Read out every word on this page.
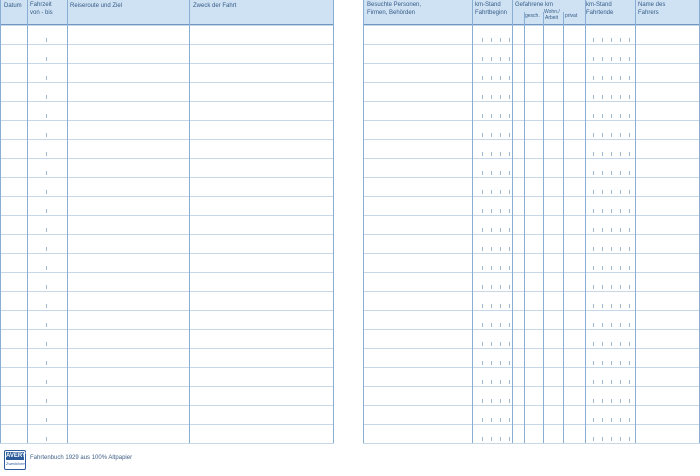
Datum Fahrzeit
von - bis
Reiseroute und Ziel	Zweck der Fahrt	Besuchte Personen,
Firmen, Behörden
km-Stand
Fahrtbeginn
Gefahrene km
gesch.
Wohn./
Arbeit privat
km-Stand
Fahrtende
Name des
Fahrers
AVERY
Zweckform
Fahrtenbuch 1929 aus 100% Altpapier
